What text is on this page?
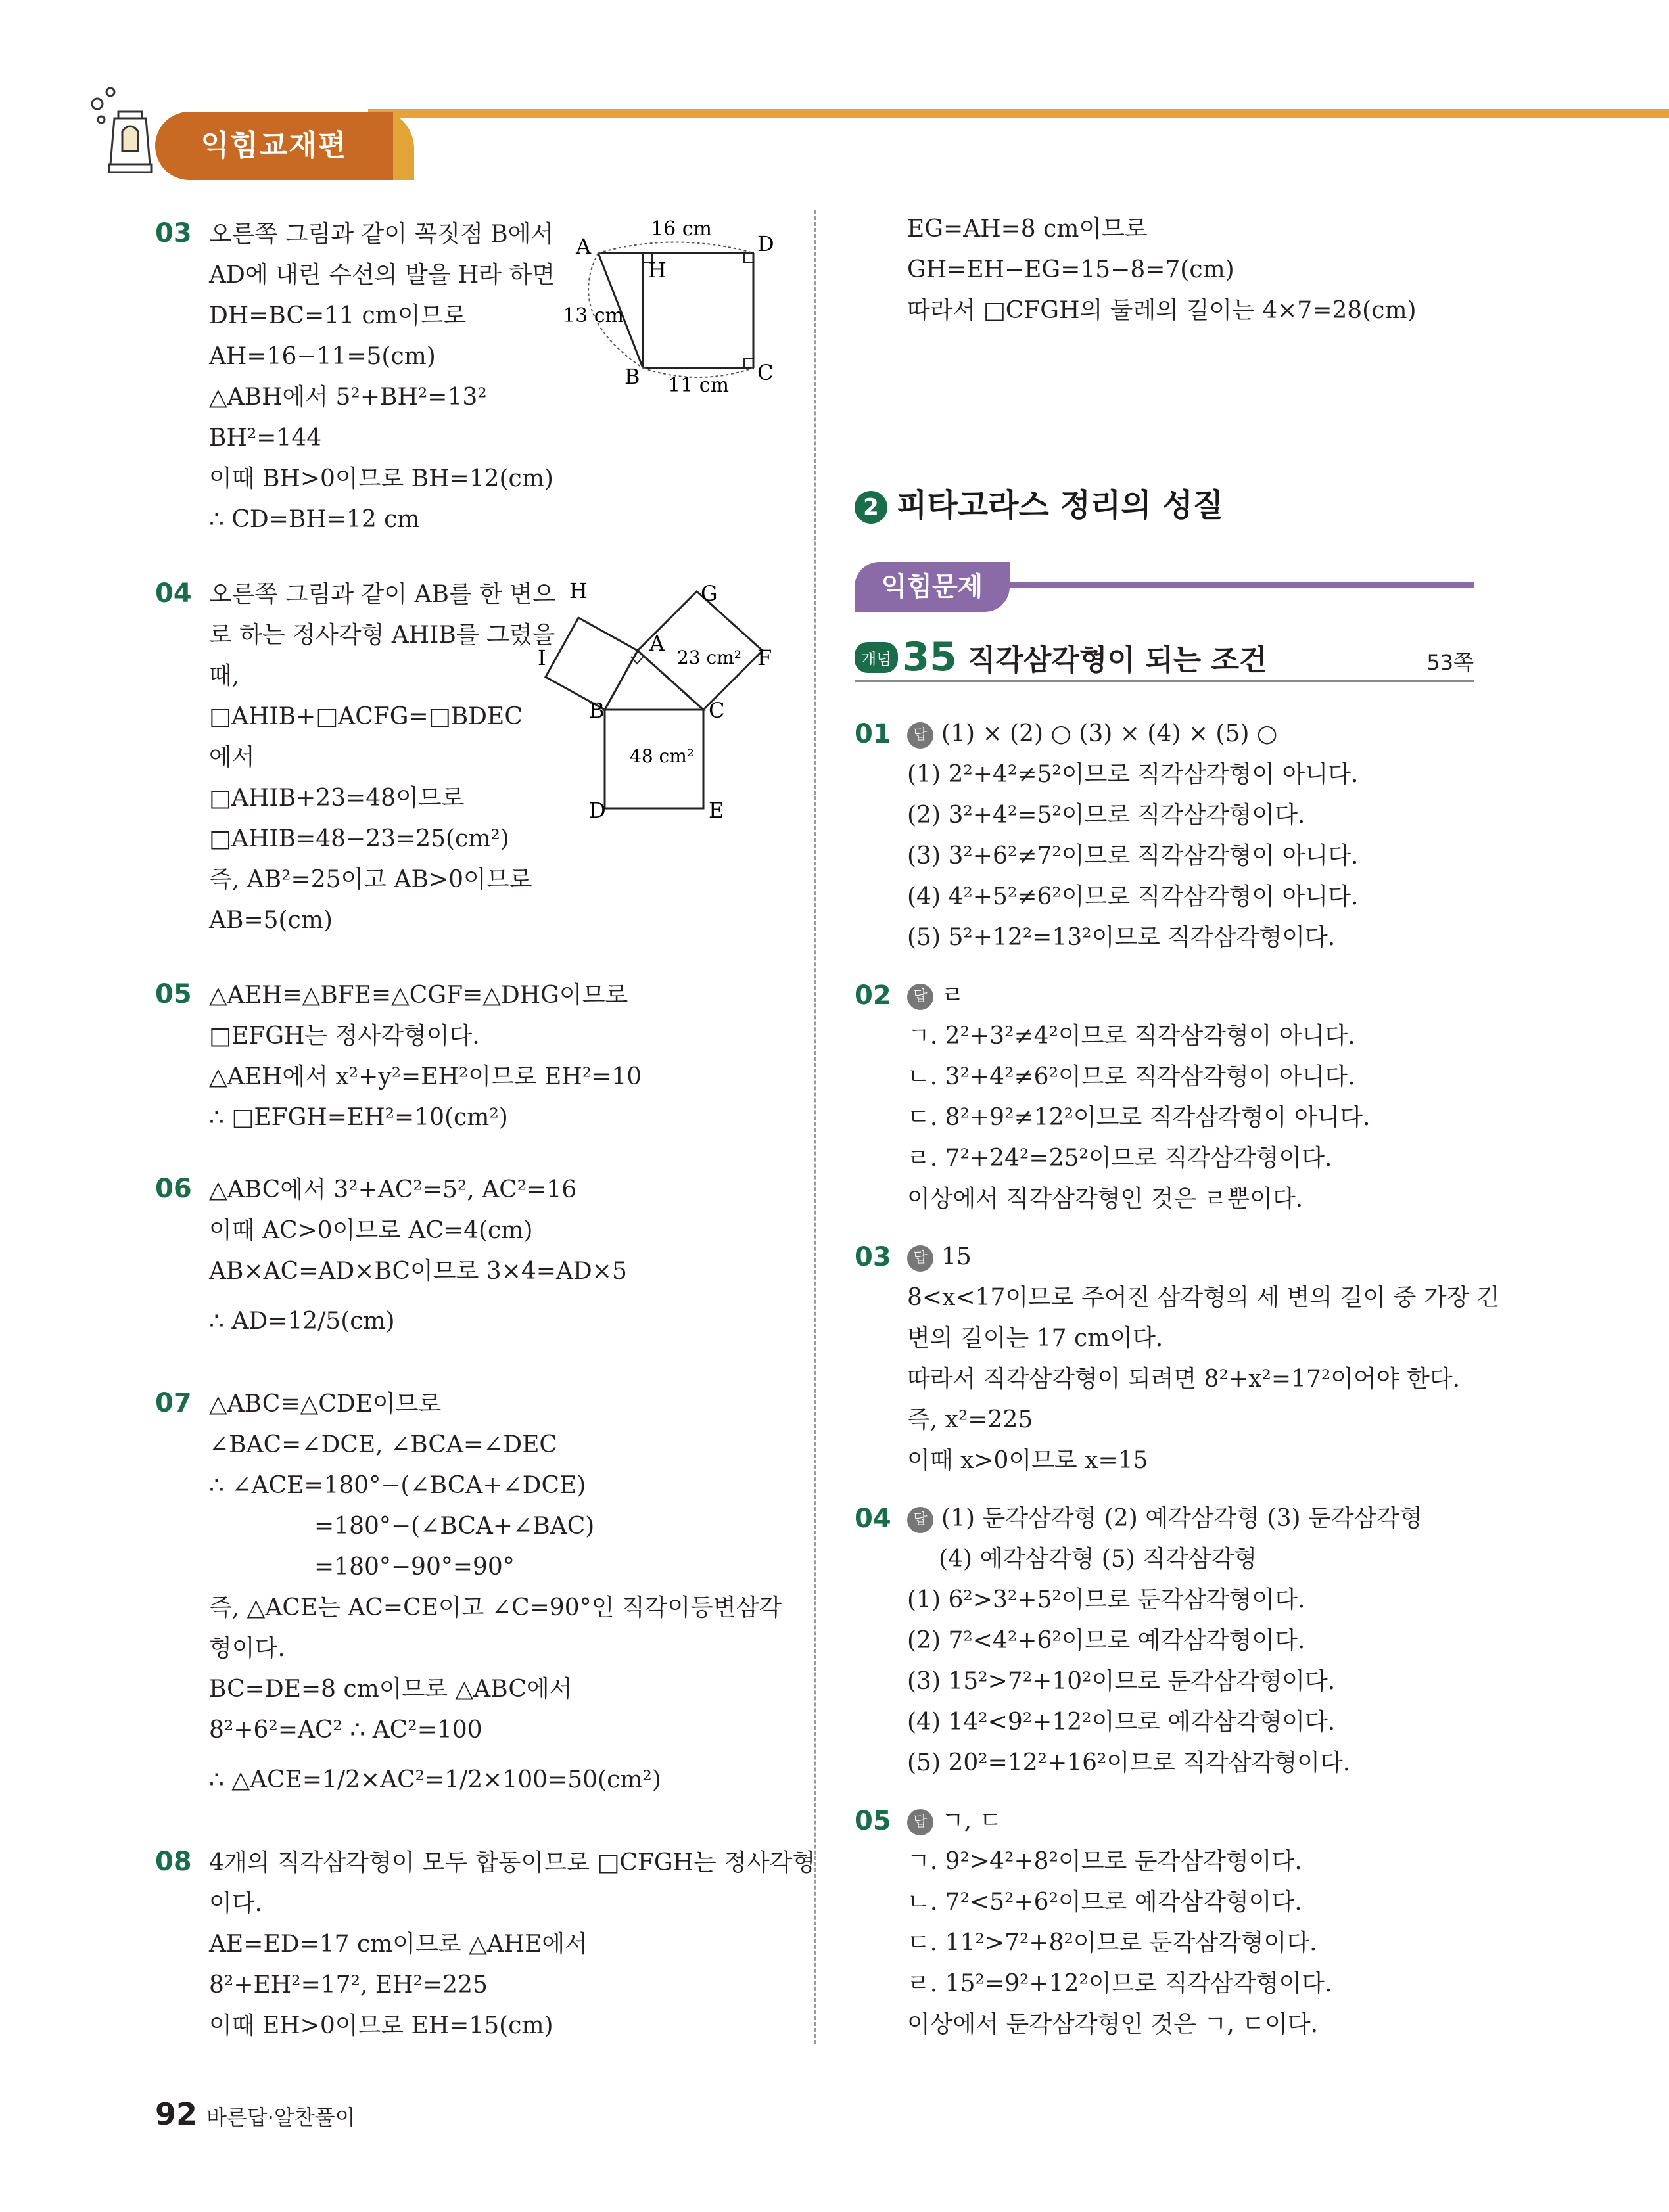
익힘교재편
03 오른쪽 그림과 같이 꼭짓점 B에서
AD에 내린 수선의 발을 H라 하면
DH=BC=11 cm이므로
AH=16−11=5(cm)
△ABH에서 5²+BH²=13²
BH²=144
이때 BH>0이므로 BH=12(cm)
∴ CD=BH=12 cm
16 cm
13 cm
11 cm
A	D
H
B	C
04 오른쪽 그림과 같이 AB를 한 변으
로 하는 정사각형 AHIB를 그렸을
때,
□AHIB+□ACFG=□BDEC
에서
□AHIB+23=48이므로
□AHIB=48−23=25(cm²)
즉, AB²=25이고 AB>0이므로
AB=5(cm)
23 cm²
48 cm²
H	G
I
A
F
B	C
D	E
05 △AEH≡△BFE≡△CGF≡△DHG이므로
□EFGH는 정사각형이다.
△AEH에서 x²+y²=EH²이므로 EH²=10
∴ □EFGH=EH²=10(cm²)
06 △ABC에서 3²+AC²=5², AC²=16
이때 AC>0이므로 AC=4(cm)
AB×AC=AD×BC이므로 3×4=AD×5
∴ AD=12/5(cm)
07 △ABC≡△CDE이므로
∠BAC=∠DCE, ∠BCA=∠DEC
∴ ∠ACE=180°−(∠BCA+∠DCE)
=180°−(∠BCA+∠BAC)
=180°−90°=90°
즉, △ACE는 AC=CE이고 ∠C=90°인 직각이등변삼각
형이다.
BC=DE=8 cm이므로 △ABC에서
8²+6²=AC² ∴ AC²=100
∴ △ACE=1/2×AC²=1/2×100=50(cm²)
08 4개의 직각삼각형이 모두 합동이므로 □CFGH는 정사각형
이다.
AE=ED=17 cm이므로 △AHE에서
8²+EH²=17², EH²=225
이때 EH>0이므로 EH=15(cm)
EG=AH=8 cm이므로
GH=EH−EG=15−8=7(cm)
따라서 □CFGH의 둘레의 길이는 4×7=28(cm)
2 피타고라스 정리의 성질
익힘문제
개념 35 직각삼각형이 되는 조건	53쪽
01	답 (1) × (2) ○ (3) × (4) × (5) ○
(1) 2²+4²≠5²이므로 직각삼각형이 아니다.
(2) 3²+4²=5²이므로 직각삼각형이다.
(3) 3²+6²≠7²이므로 직각삼각형이 아니다.
(4) 4²+5²≠6²이므로 직각삼각형이 아니다.
(5) 5²+12²=13²이므로 직각삼각형이다.
02	답 ㄹ
ㄱ. 2²+3²≠4²이므로 직각삼각형이 아니다.
ㄴ. 3²+4²≠6²이므로 직각삼각형이 아니다.
ㄷ. 8²+9²≠12²이므로 직각삼각형이 아니다.
ㄹ. 7²+24²=25²이므로 직각삼각형이다.
이상에서 직각삼각형인 것은 ㄹ뿐이다.
03	답 15
8<x<17이므로 주어진 삼각형의 세 변의 길이 중 가장 긴
변의 길이는 17 cm이다.
따라서 직각삼각형이 되려면 8²+x²=17²이어야 한다.
즉, x²=225
이때 x>0이므로 x=15
04	답 (1) 둔각삼각형 (2) 예각삼각형 (3) 둔각삼각형
(4) 예각삼각형 (5) 직각삼각형
(1) 6²>3²+5²이므로 둔각삼각형이다.
(2) 7²<4²+6²이므로 예각삼각형이다.
(3) 15²>7²+10²이므로 둔각삼각형이다.
(4) 14²<9²+12²이므로 예각삼각형이다.
(5) 20²=12²+16²이므로 직각삼각형이다.
05	답 ㄱ, ㄷ
ㄱ. 9²>4²+8²이므로 둔각삼각형이다.
ㄴ. 7²<5²+6²이므로 예각삼각형이다.
ㄷ. 11²>7²+8²이므로 둔각삼각형이다.
ㄹ. 15²=9²+12²이므로 직각삼각형이다.
이상에서 둔각삼각형인 것은 ㄱ, ㄷ이다.
92 바른답·알찬풀이
